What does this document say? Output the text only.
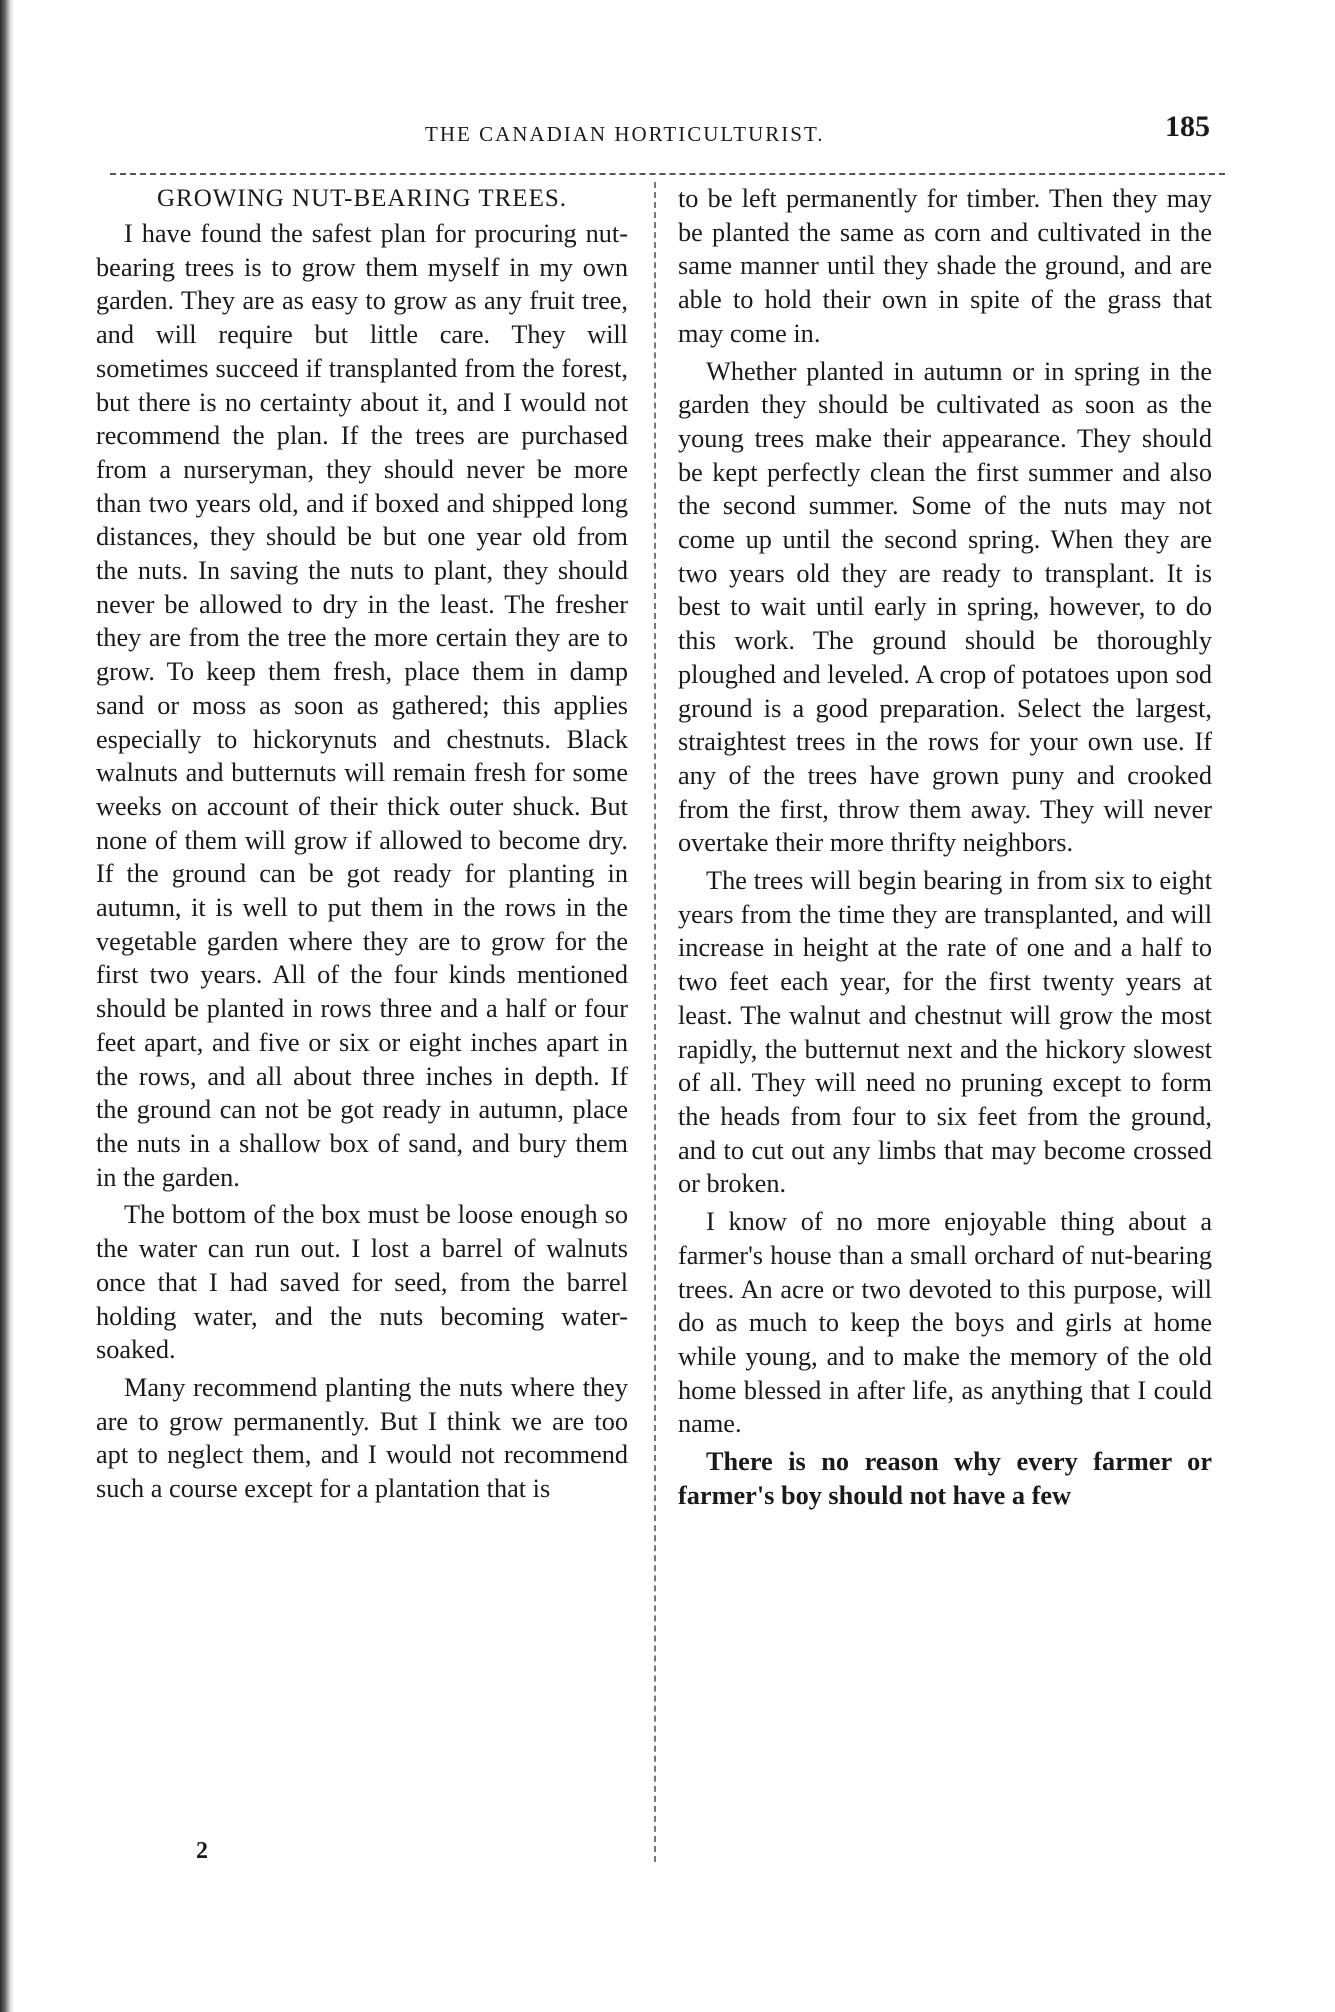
THE CANADIAN HORTICULTURIST.	185
GROWING NUT-BEARING TREES.

I have found the safest plan for procuring nut-bearing trees is to grow them myself in my own garden. They are as easy to grow as any fruit tree, and will require but little care. They will sometimes succeed if transplanted from the forest, but there is no certainty about it, and I would not recommend the plan. If the trees are purchased from a nurseryman, they should never be more than two years old, and if boxed and shipped long distances, they should be but one year old from the nuts. In saving the nuts to plant, they should never be allowed to dry in the least. The fresher they are from the tree the more certain they are to grow. To keep them fresh, place them in damp sand or moss as soon as gathered; this applies especially to hickorynuts and chestnuts. Black walnuts and butternuts will remain fresh for some weeks on account of their thick outer shuck. But none of them will grow if allowed to become dry. If the ground can be got ready for planting in autumn, it is well to put them in the rows in the vegetable garden where they are to grow for the first two years. All of the four kinds mentioned should be planted in rows three and a half or four feet apart, and five or six or eight inches apart in the rows, and all about three inches in depth. If the ground can not be got ready in autumn, place the nuts in a shallow box of sand, and bury them in the garden.

The bottom of the box must be loose enough so the water can run out. I lost a barrel of walnuts once that I had saved for seed, from the barrel holding water, and the nuts becoming water-soaked.

Many recommend planting the nuts where they are to grow permanently. But I think we are too apt to neglect them, and I would not recommend such a course except for a plantation that is

to be left permanently for timber. Then they may be planted the same as corn and cultivated in the same manner until they shade the ground, and are able to hold their own in spite of the grass that may come in.

Whether planted in autumn or in spring in the garden they should be cultivated as soon as the young trees make their appearance. They should be kept perfectly clean the first summer and also the second summer. Some of the nuts may not come up until the second spring. When they are two years old they are ready to transplant. It is best to wait until early in spring, however, to do this work. The ground should be thoroughly ploughed and leveled. A crop of potatoes upon sod ground is a good preparation. Select the largest, straightest trees in the rows for your own use. If any of the trees have grown puny and crooked from the first, throw them away. They will never overtake their more thrifty neighbors.

The trees will begin bearing in from six to eight years from the time they are transplanted, and will increase in height at the rate of one and a half to two feet each year, for the first twenty years at least. The walnut and chestnut will grow the most rapidly, the butternut next and the hickory slowest of all. They will need no pruning except to form the heads from four to six feet from the ground, and to cut out any limbs that may become crossed or broken.

I know of no more enjoyable thing about a farmer's house than a small orchard of nut-bearing trees. An acre or two devoted to this purpose, will do as much to keep the boys and girls at home while young, and to make the memory of the old home blessed in after life, as anything that I could name.

There is no reason why every farmer or farmer's boy should not have a few

2
